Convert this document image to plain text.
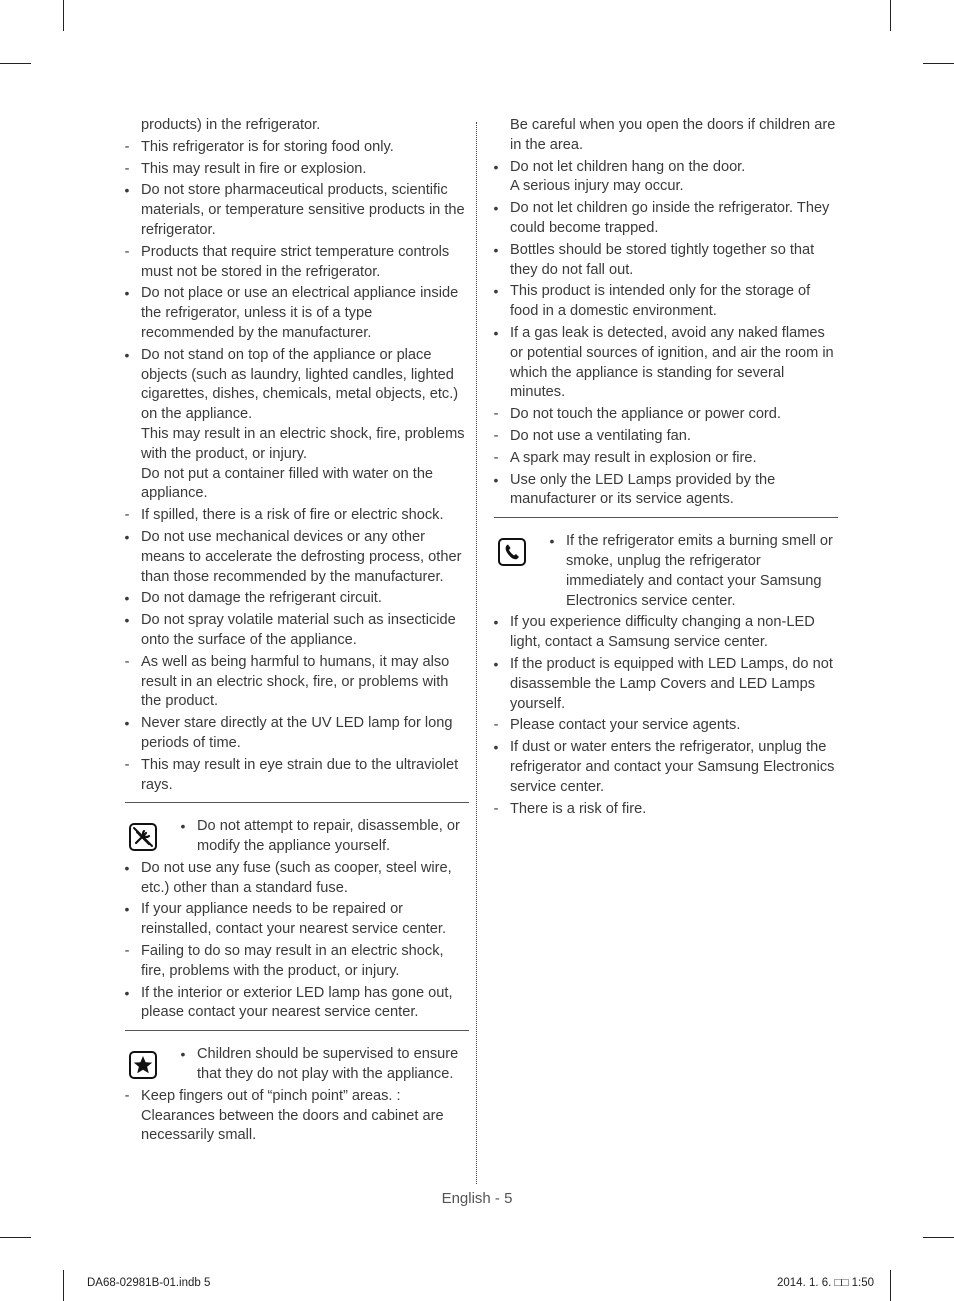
products) in the refrigerator.
- This refrigerator is for storing food only.
- This may result in fire or explosion.
• Do not store pharmaceutical products, scientific materials, or temperature sensitive products in the refrigerator.
- Products that require strict temperature controls must not be stored in the refrigerator.
• Do not place or use an electrical appliance inside the refrigerator, unless it is of a type recommended by the manufacturer.
• Do not stand on top of the appliance or place objects (such as laundry, lighted candles, lighted cigarettes, dishes, chemicals, metal objects, etc.) on the appliance.
This may result in an electric shock, fire, problems with the product, or injury.
Do not put a container filled with water on the appliance.
- If spilled, there is a risk of fire or electric shock.
• Do not use mechanical devices or any other means to accelerate the defrosting process, other than those recommended by the manufacturer.
• Do not damage the refrigerant circuit.
• Do not spray volatile material such as insecticide onto the surface of the appliance.
- As well as being harmful to humans, it may also result in an electric shock, fire, or problems with the product.
• Never stare directly at the UV LED lamp for long periods of time.
- This may result in eye strain due to the ultraviolet rays.
• Do not attempt to repair, disassemble, or modify the appliance yourself.
• Do not use any fuse (such as cooper, steel wire, etc.) other than a standard fuse.
• If your appliance needs to be repaired or reinstalled, contact your nearest service center.
- Failing to do so may result in an electric shock, fire, problems with the product, or injury.
• If the interior or exterior LED lamp has gone out, please contact your nearest service center.
• Children should be supervised to ensure that they do not play with the appliance.
- Keep fingers out of “pinch point” areas. : Clearances between the doors and cabinet are necessarily small.
Be careful when you open the doors if children are in the area.
• Do not let children hang on the door.
A serious injury may occur.
• Do not let children go inside the refrigerator. They could become trapped.
• Bottles should be stored tightly together so that they do not fall out.
• This product is intended only for the storage of food in a domestic environment.
• If a gas leak is detected, avoid any naked flames or potential sources of ignition, and air the room in which the appliance is standing for several minutes.
- Do not touch the appliance or power cord.
- Do not use a ventilating fan.
- A spark may result in explosion or fire.
• Use only the LED Lamps provided by the manufacturer or its service agents.
• If the refrigerator emits a burning smell or smoke, unplug the refrigerator immediately and contact your Samsung Electronics service center.
• If you experience difficulty changing a non-LED light, contact a Samsung service center.
• If the product is equipped with LED Lamps, do not disassemble the Lamp Covers and LED Lamps yourself.
- Please contact your service agents.
• If dust or water enters the refrigerator, unplug the refrigerator and contact your Samsung Electronics service center.
- There is a risk of fire.
English - 5
DA68-02981B-01.indb 5	2014. 1. 6. □□ 1:50
